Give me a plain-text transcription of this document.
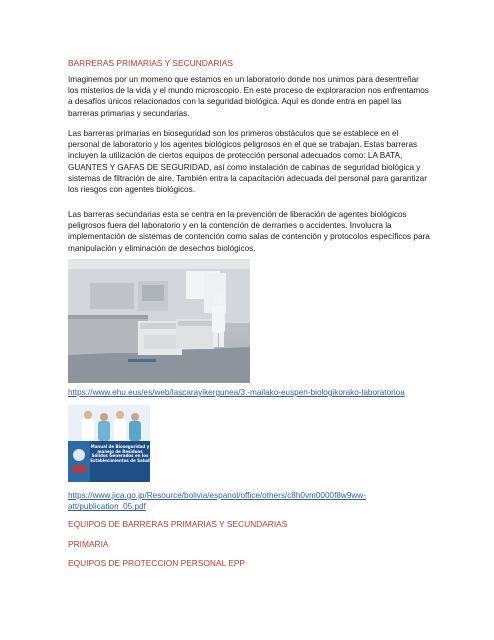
BARRERAS PRIMARIAS Y SECUNDARIAS

Imaginemos por un momeno que estamos en un laboratorio donde nos unimos para desentreñar los misterios de la vida y el mundo microscopio. En este proceso de exploraracion nos enfrentamos a desafíos únicos relacionados con la seguridad biológica. Aquí es donde entra en papel las barreras primarias y secundarias.

Las barreras primarias en bioseguridad son los primeros obstáculos que se establece en el personal de laboratorio y los agentes biológicos peligrosos en el que se trabajan. Estas barreras incluyen la utilización de ciertos equipos de protección personal adecuados como: LA BATA, GUANTES Y GAFAS DE SEGURIDAD, así como instalación de cabinas de seguridad biológica y sistemas de filtración de aire. También entra la capacitación adecuada del personal para garantizar los riesgos con agentes biológicos.

Las barreras secundarias esta se centra en la prevención de liberación de agentes biológicos peligrosos fuera del laboratorio y en la contención de derrames o accidentes. Involucra la implementación de sistemas de contención como salas de contención y protocolos específicos para manipulación y eliminación de desechos biológicos.

https://www.ehu.eus/es/web/lascarayikergunea/3.-mailako-euspen-biologikorako-laboratorioa

Manual de Bioseguridad y manejo de Residuos Sólidos Generados en los Establecimientos de Salud

https://www.jica.go.jp/Resource/bolivia/espanol/office/others/c8h0vm0000f8w9ww-att/publication_05.pdf

EQUIPOS DE BARRERAS PRIMARIAS Y SECUNDARIAS

PRIMARIA

EQUIPOS DE PROTECCION PERSONAL EPP
